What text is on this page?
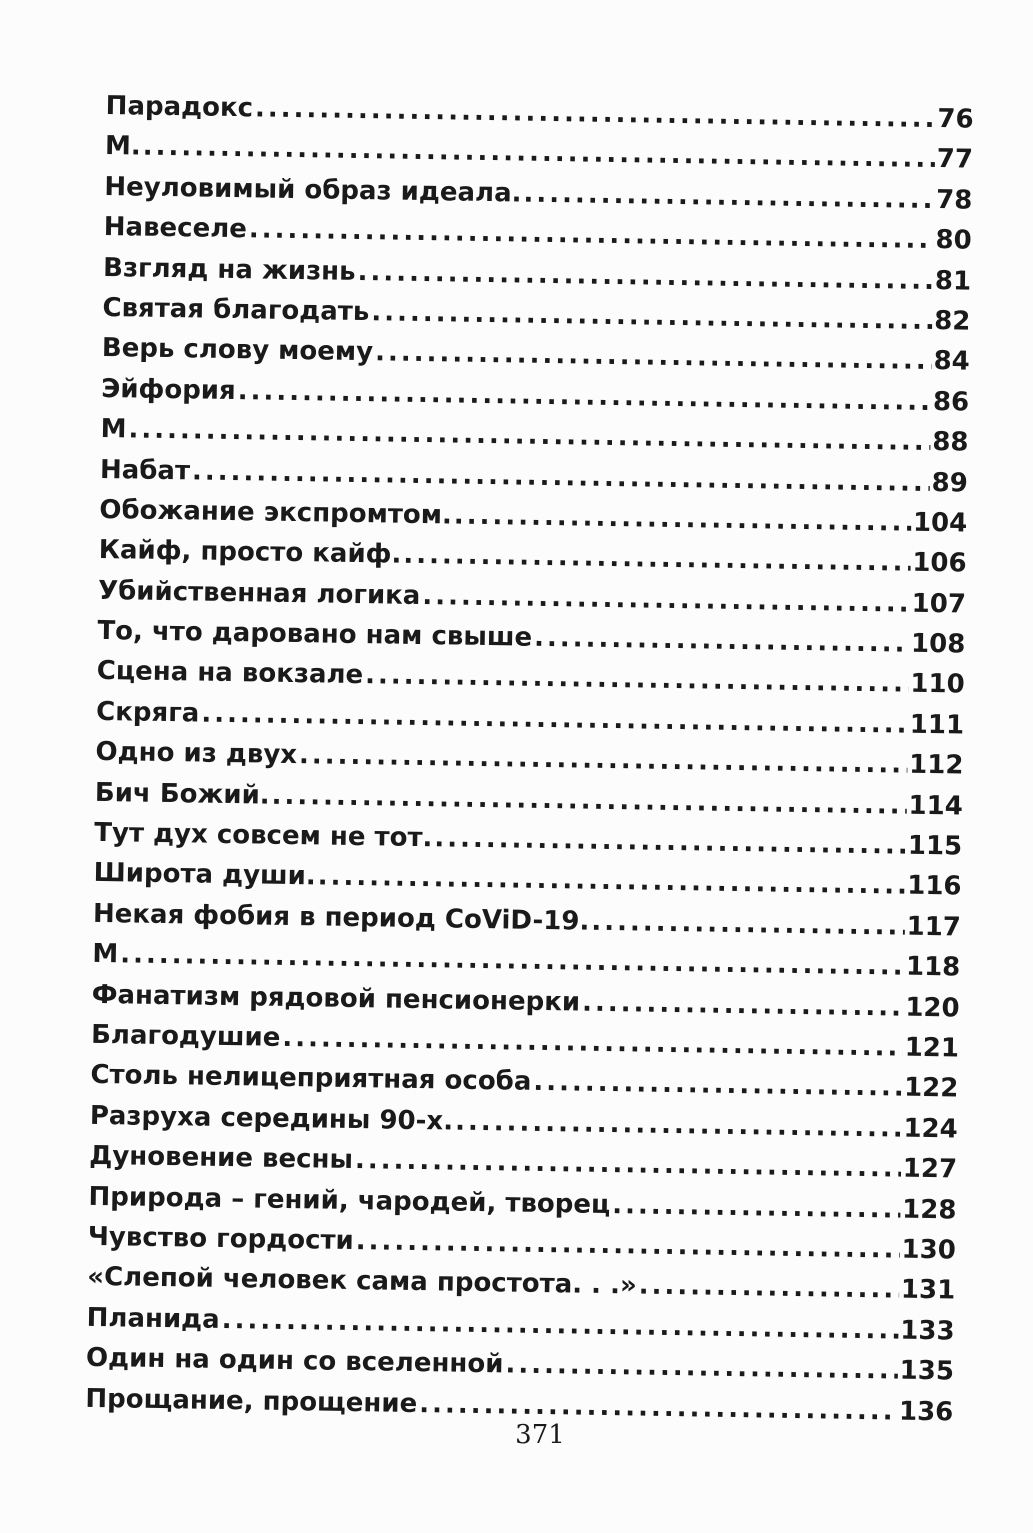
Парадокс .....	76
М. .....	77
Неуловимый образ идеала. .....	78
Навеселе .....	80
Взгляд на жизнь .....	81
Святая благодать .....	82
Верь слову моему .....	84
Эйфория .....	86
М .....	88
Набат .....	89
Обожание экспромтом. .....	104
Кайф, просто кайф. .....	106
Убийственная логика .....	107
То, что даровано нам свыше .....	108
Сцена на вокзале .....	110
Скряга .....	111
Одно из двух .....	112
Бич Божий. .....	114
Тут дух совсем не тот. .....	115
Широта души. .....	116
Некая фобия в период CoViD-19. .....	117
М .....	118
Фанатизм рядовой пенсионерки .....	120
Благодушие .....	121
Столь нелицеприятная особа .....	122
Разруха середины 90-х. .....	124
Дуновение весны .....	127
Природа – гений, чародей, творец .....	128
Чувство гордости .....	130
«Слепой человек сама простота. . .» .....	131
Планида .....	133
Один на один со вселенной .....	135
Прощание, прощение .....	136
371
